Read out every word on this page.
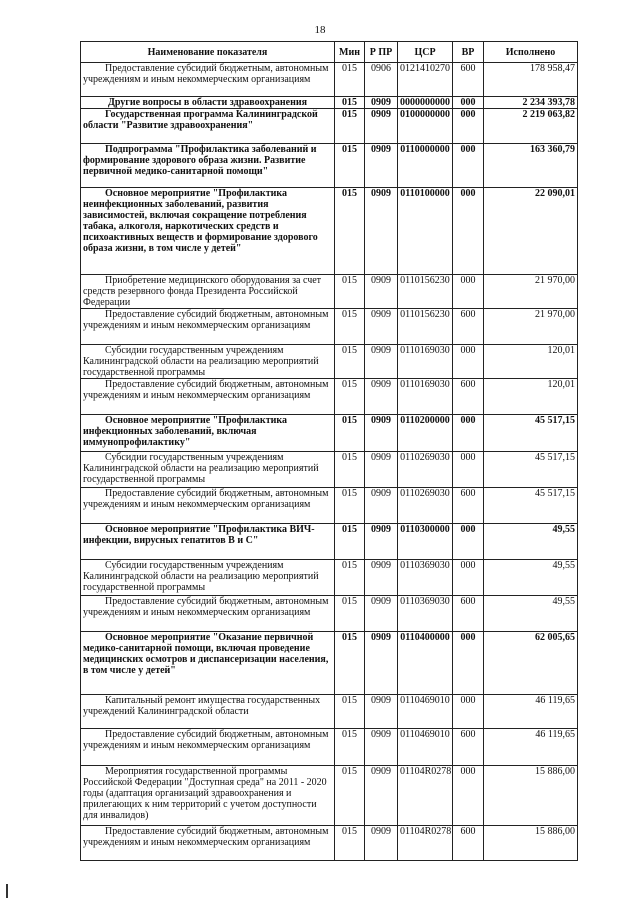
18
Наименование показателя	Мин	Р ПР	ЦСР	ВР	Исполнено
Предоставление субсидий бюджетным, автономным учреждениям и иным некоммерческим организациям	015	0906	0121410270	600	178 958,47
Другие вопросы в области здравоохранения	015	0909	0000000000	000	2 234 393,78
Государственная программа Калининградской области "Развитие здравоохранения"	015	0909	0100000000	000	2 219 063,82
Подпрограмма "Профилактика заболеваний и формирование здорового образа жизни. Развитие первичной медико-санитарной помощи"	015	0909	0110000000	000	163 360,79
Основное мероприятие "Профилактика неинфекционных заболеваний, развития зависимостей, включая сокращение потребления табака, алкоголя, наркотических средств и психоактивных веществ и формирование здорового образа жизни, в том числе у детей"	015	0909	0110100000	000	22 090,01
Приобретение медицинского оборудования за счет средств резервного фонда Президента Российской Федерации	015	0909	0110156230	000	21 970,00
Предоставление субсидий бюджетным, автономным учреждениям и иным некоммерческим организациям	015	0909	0110156230	600	21 970,00
Субсидии государственным учреждениям Калининградской области на реализацию мероприятий государственной программы	015	0909	0110169030	000	120,01
Предоставление субсидий бюджетным, автономным учреждениям и иным некоммерческим организациям	015	0909	0110169030	600	120,01
Основное мероприятие "Профилактика инфекционных заболеваний, включая иммунопрофилактику"	015	0909	0110200000	000	45 517,15
Субсидии государственным учреждениям Калининградской области на реализацию мероприятий государственной программы	015	0909	0110269030	000	45 517,15
Предоставление субсидий бюджетным, автономным учреждениям и иным некоммерческим организациям	015	0909	0110269030	600	45 517,15
Основное мероприятие "Профилактика ВИЧ-инфекции, вирусных гепатитов В и С"	015	0909	0110300000	000	49,55
Субсидии государственным учреждениям Калининградской области на реализацию мероприятий государственной программы	015	0909	0110369030	000	49,55
Предоставление субсидий бюджетным, автономным учреждениям и иным некоммерческим организациям	015	0909	0110369030	600	49,55
Основное мероприятие "Оказание первичной медико-санитарной помощи, включая проведение медицинских осмотров и диспансеризации населения, в том числе у детей"	015	0909	0110400000	000	62 005,65
Капитальный ремонт имущества государственных учреждений Калининградской области	015	0909	0110469010	000	46 119,65
Предоставление субсидий бюджетным, автономным учреждениям и иным некоммерческим организациям	015	0909	0110469010	600	46 119,65
Мероприятия государственной программы Российской Федерации "Доступная среда" на 2011 - 2020 годы (адаптация организаций здравоохранения и прилегающих к ним территорий с учетом доступности для инвалидов)	015	0909	01104R0278	000	15 886,00
Предоставление субсидий бюджетным, автономным учреждениям и иным некоммерческим организациям	015	0909	01104R0278	600	15 886,00
